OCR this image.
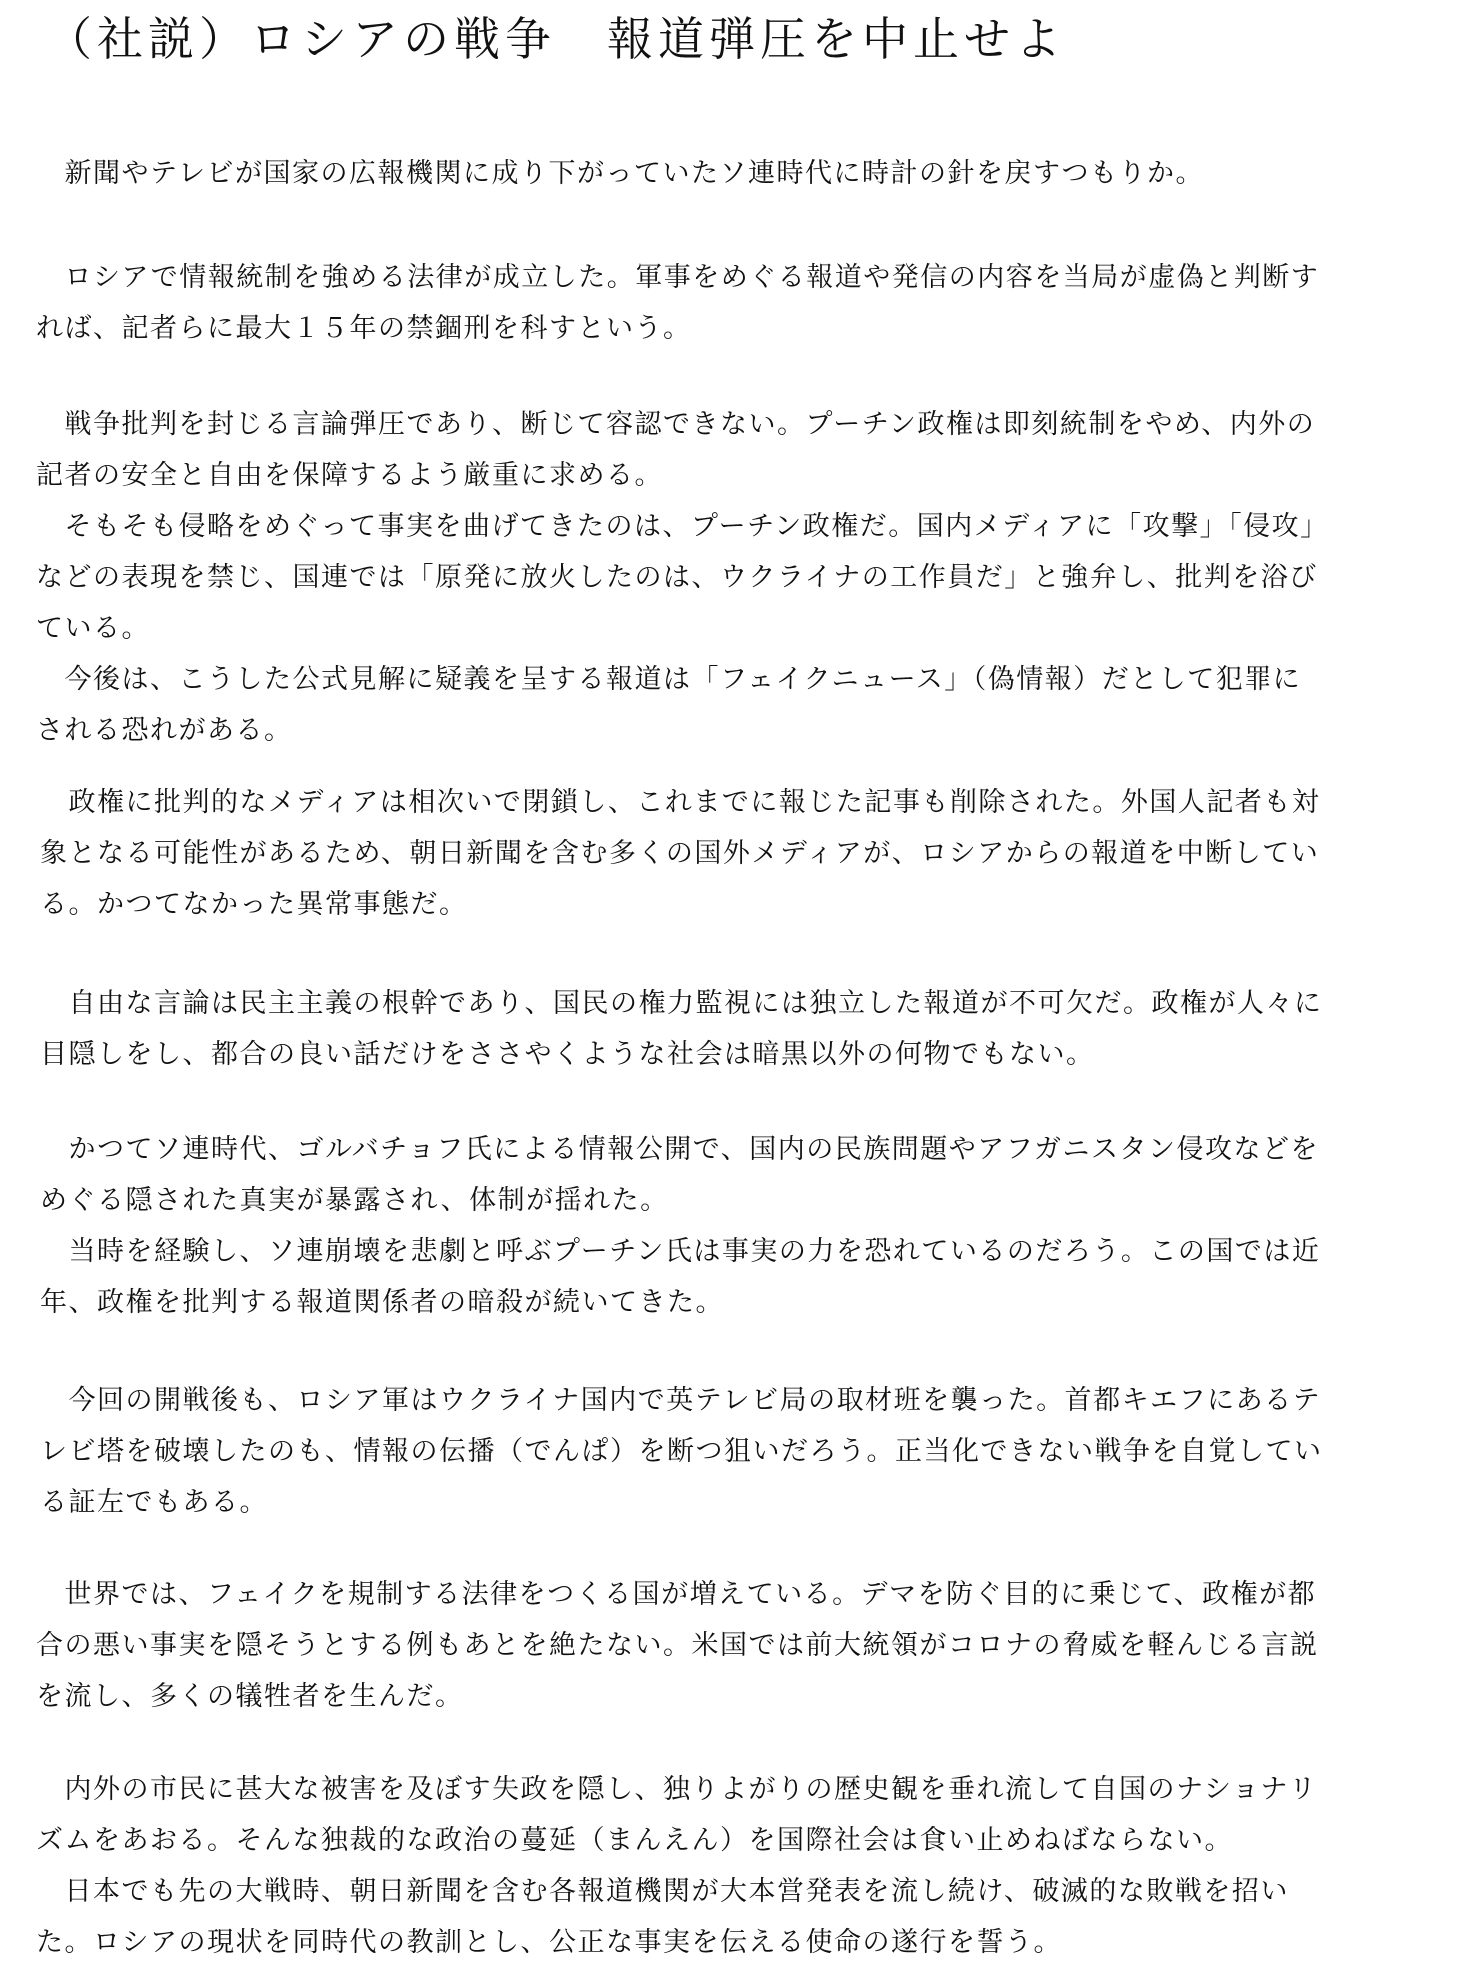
（社説）ロシアの戦争　報道弾圧を中止せよ
　新聞やテレビが国家の広報機関に成り下がっていたソ連時代に時計の針を戻すつもりか。
　ロシアで情報統制を強める法律が成立した。軍事をめぐる報道や発信の内容を当局が虚偽と判断す
れば、記者らに最大１５年の禁錮刑を科すという。
　戦争批判を封じる言論弾圧であり、断じて容認できない。プーチン政権は即刻統制をやめ、内外の
記者の安全と自由を保障するよう厳重に求める。
　そもそも侵略をめぐって事実を曲げてきたのは、プーチン政権だ。国内メディアに「攻撃」「侵攻」
などの表現を禁じ、国連では「原発に放火したのは、ウクライナの工作員だ」と強弁し、批判を浴び
ている。
　今後は、こうした公式見解に疑義を呈する報道は「フェイクニュース」（偽情報）だとして犯罪に
される恐れがある。
　政権に批判的なメディアは相次いで閉鎖し、これまでに報じた記事も削除された。外国人記者も対
象となる可能性があるため、朝日新聞を含む多くの国外メディアが、ロシアからの報道を中断してい
る。かつてなかった異常事態だ。
　自由な言論は民主主義の根幹であり、国民の権力監視には独立した報道が不可欠だ。政権が人々に
目隠しをし、都合の良い話だけをささやくような社会は暗黒以外の何物でもない。
　かつてソ連時代、ゴルバチョフ氏による情報公開で、国内の民族問題やアフガニスタン侵攻などを
めぐる隠された真実が暴露され、体制が揺れた。
　当時を経験し、ソ連崩壊を悲劇と呼ぶプーチン氏は事実の力を恐れているのだろう。この国では近
年、政権を批判する報道関係者の暗殺が続いてきた。
　今回の開戦後も、ロシア軍はウクライナ国内で英テレビ局の取材班を襲った。首都キエフにあるテ
レビ塔を破壊したのも、情報の伝播（でんぱ）を断つ狙いだろう。正当化できない戦争を自覚してい
る証左でもある。
　世界では、フェイクを規制する法律をつくる国が増えている。デマを防ぐ目的に乗じて、政権が都
合の悪い事実を隠そうとする例もあとを絶たない。米国では前大統領がコロナの脅威を軽んじる言説
を流し、多くの犠牲者を生んだ。
　内外の市民に甚大な被害を及ぼす失政を隠し、独りよがりの歴史観を垂れ流して自国のナショナリ
ズムをあおる。そんな独裁的な政治の蔓延（まんえん）を国際社会は食い止めねばならない。
　日本でも先の大戦時、朝日新聞を含む各報道機関が大本営発表を流し続け、破滅的な敗戦を招い
た。ロシアの現状を同時代の教訓とし、公正な事実を伝える使命の遂行を誓う。
